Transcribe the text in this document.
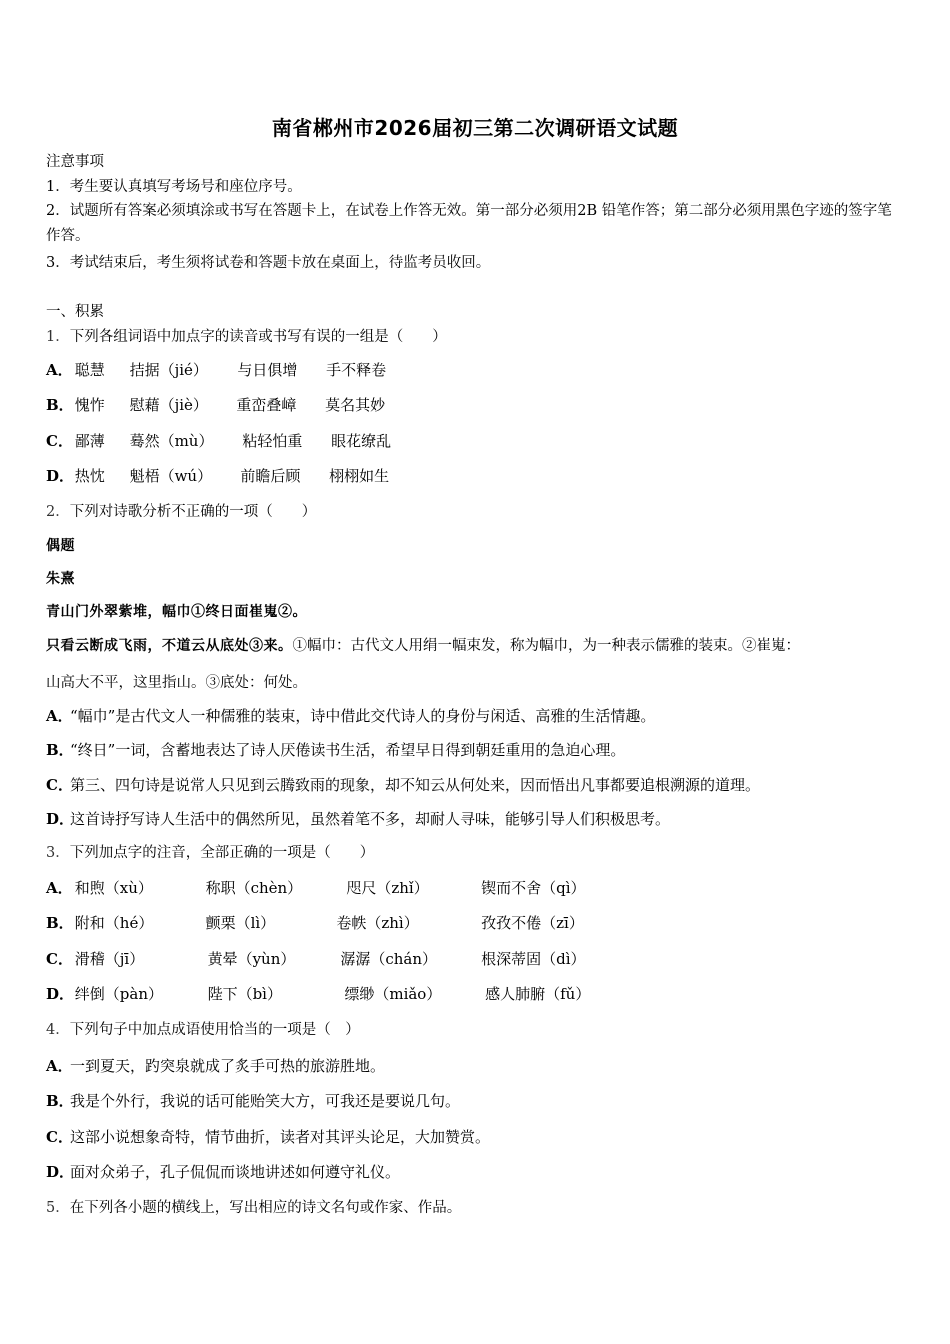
南省郴州市2026届初三第二次调研语文试题
注意事项
1．考生要认真填写考场号和座位序号。
2．试题所有答案必须填涂或书写在答题卡上，在试卷上作答无效。第一部分必须用2B 铅笔作答；第二部分必须用黑色字迹的签字笔作答。
3．考试结束后，考生须将试卷和答题卡放在桌面上，待监考员收回。
一、积累
1．下列各组词语中加点字的读音或书写有误的一组是（　　）
A． 聪慧 拮据（jié） 与日俱增 手不释卷
B． 愧怍 慰藉（jiè） 重峦叠嶂 莫名其妙
C． 鄙薄 蓦然（mù） 粘轻怕重 眼花缭乱
D． 热忱 魁梧（wú） 前瞻后顾 栩栩如生
2．下列对诗歌分析不正确的一项（　　）
偶题
朱熹
青山门外翠紫堆，幅巾①终日面崔嵬②。
只看云断成飞雨，不道云从底处③来。①幅巾：古代文人用绢一幅束发，称为幅巾，为一种表示儒雅的装束。②崔嵬：
山高大不平，这里指山。③底处：何处。
A．“幅巾”是古代文人一种儒雅的装束，诗中借此交代诗人的身份与闲适、高雅的生活情趣。
B．“终日”一词，含蓄地表达了诗人厌倦读书生活，希望早日得到朝廷重用的急迫心理。
C．第三、四句诗是说常人只见到云腾致雨的现象，却不知云从何处来，因而悟出凡事都要追根溯源的道理。
D．这首诗抒写诗人生活中的偶然所见，虽然着笔不多，却耐人寻味，能够引导人们积极思考。
3．下列加点字的注音，全部正确的一项是（　　）
A． 和煦（xù）	称职（chèn）	咫尺（zhǐ）	锲而不舍（qì）
B． 附和（hé）	颤栗（lì）	卷帙（zhì）	孜孜不倦（zī）
C． 滑稽（jī）	黄晕（yùn）	潺潺（chán）	根深蒂固（dì）
D． 绊倒（pàn）	陛下（bì）	缥缈（miǎo）	感人肺腑（fǔ）
4．下列句子中加点成语使用恰当的一项是（　）
A．一到夏天，趵突泉就成了炙手可热的旅游胜地。
B．我是个外行，我说的话可能贻笑大方，可我还是要说几句。
C．这部小说想象奇特，情节曲折，读者对其评头论足，大加赞赏。
D．面对众弟子，孔子侃侃而谈地讲述如何遵守礼仪。
5．在下列各小题的横线上，写出相应的诗文名句或作家、作品。
